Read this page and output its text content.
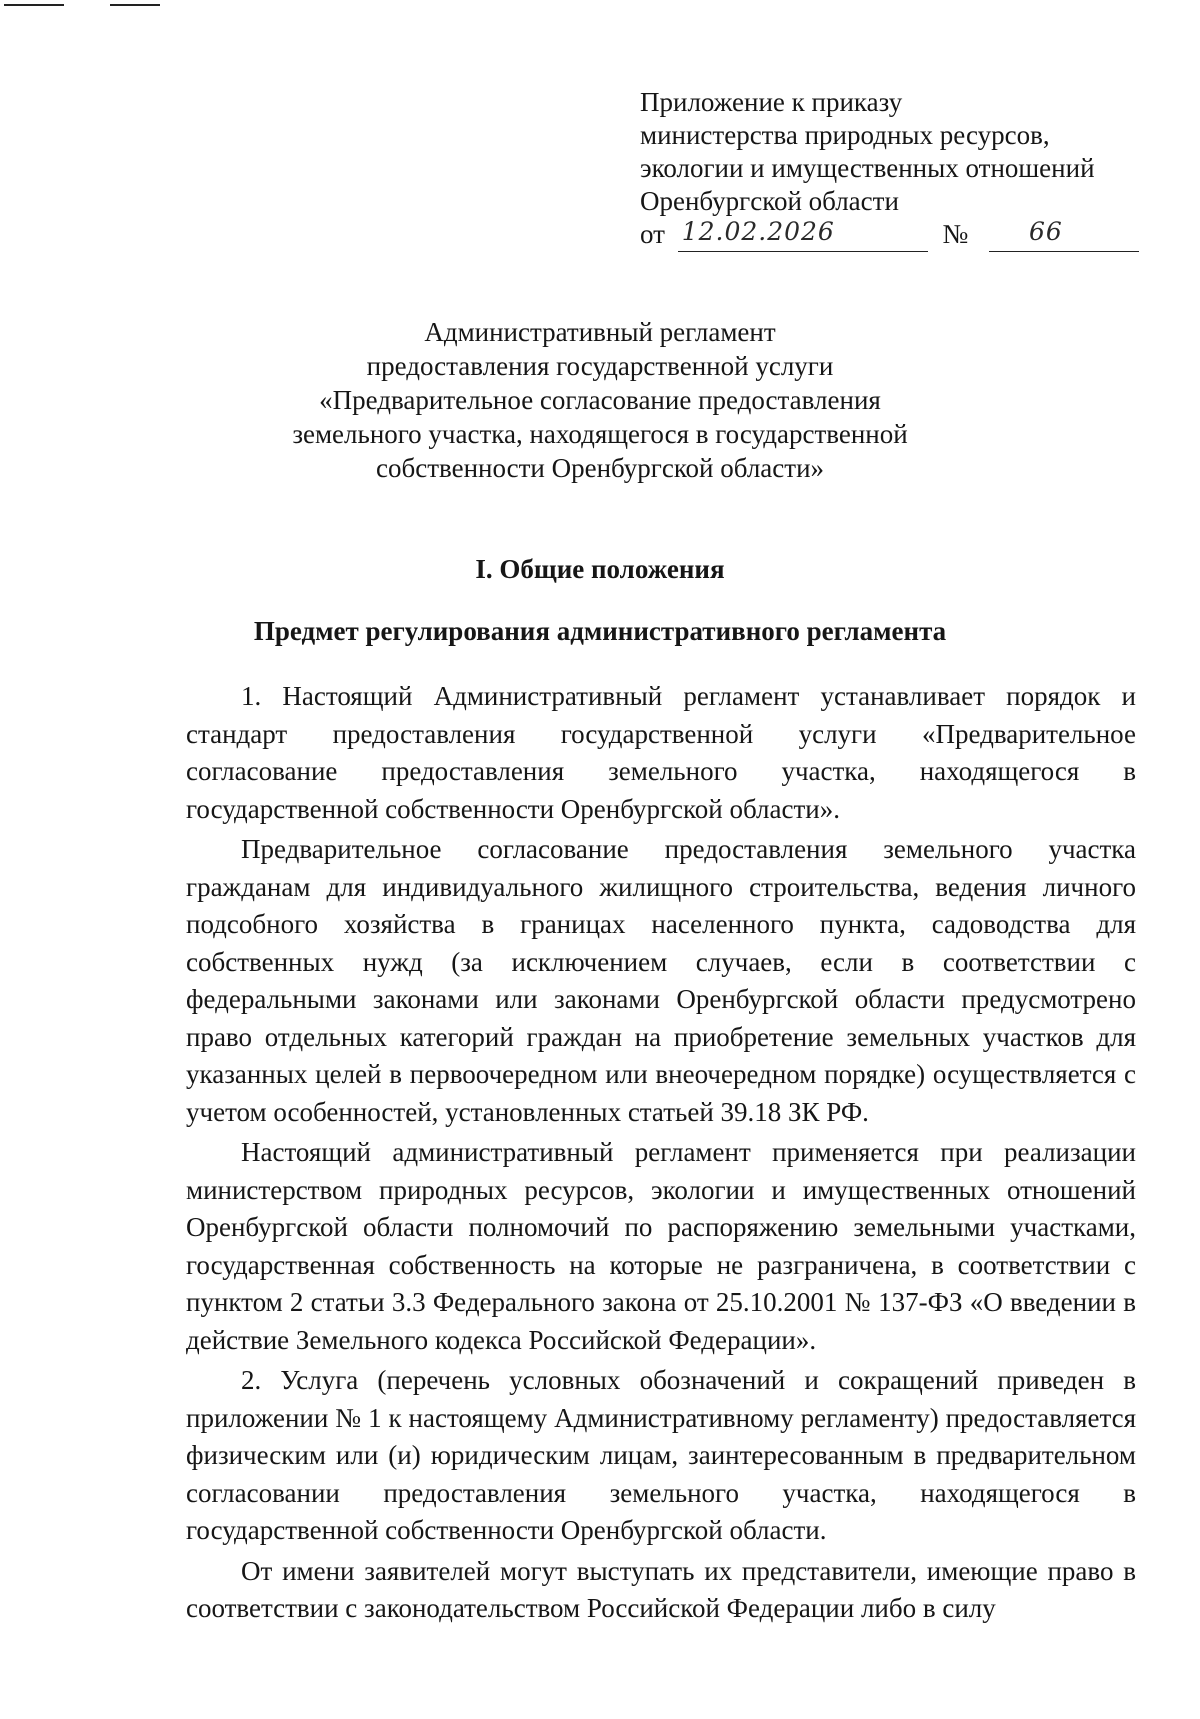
Приложение к приказу
министерства природных ресурсов,
экологии и имущественных отношений
Оренбургской области
от 12.02.2026	№ 66
Административный регламент
предоставления государственной услуги
«Предварительное согласование предоставления
земельного участка, находящегося в государственной
собственности Оренбургской области»
I. Общие положения
Предмет регулирования административного регламента

1. Настоящий Административный регламент устанавливает порядок и стандарт предоставления государственной услуги «Предварительное согласование предоставления земельного участка, находящегося в государственной собственности Оренбургской области».

Предварительное согласование предоставления земельного участка гражданам для индивидуального жилищного строительства, ведения личного подсобного хозяйства в границах населенного пункта, садоводства для собственных нужд (за исключением случаев, если в соответствии с федеральными законами или законами Оренбургской области предусмотрено право отдельных категорий граждан на приобретение земельных участков для указанных целей в первоочередном или внеочередном порядке) осуществляется с учетом особенностей, установленных статьей 39.18 ЗК РФ.

Настоящий административный регламент применяется при реализации министерством природных ресурсов, экологии и имущественных отношений Оренбургской области полномочий по распоряжению земельными участками, государственная собственность на которые не разграничена, в соответствии с пунктом 2 статьи 3.3 Федерального закона от 25.10.2001 № 137-ФЗ «О введении в действие Земельного кодекса Российской Федерации».

2. Услуга (перечень условных обозначений и сокращений приведен в приложении № 1 к настоящему Административному регламенту) предоставляется физическим или (и) юридическим лицам, заинтересованным в предварительном согласовании предоставления земельного участка, находящегося в государственной собственности Оренбургской области.

От имени заявителей могут выступать их представители, имеющие право в соответствии с законодательством Российской Федерации либо в силу
